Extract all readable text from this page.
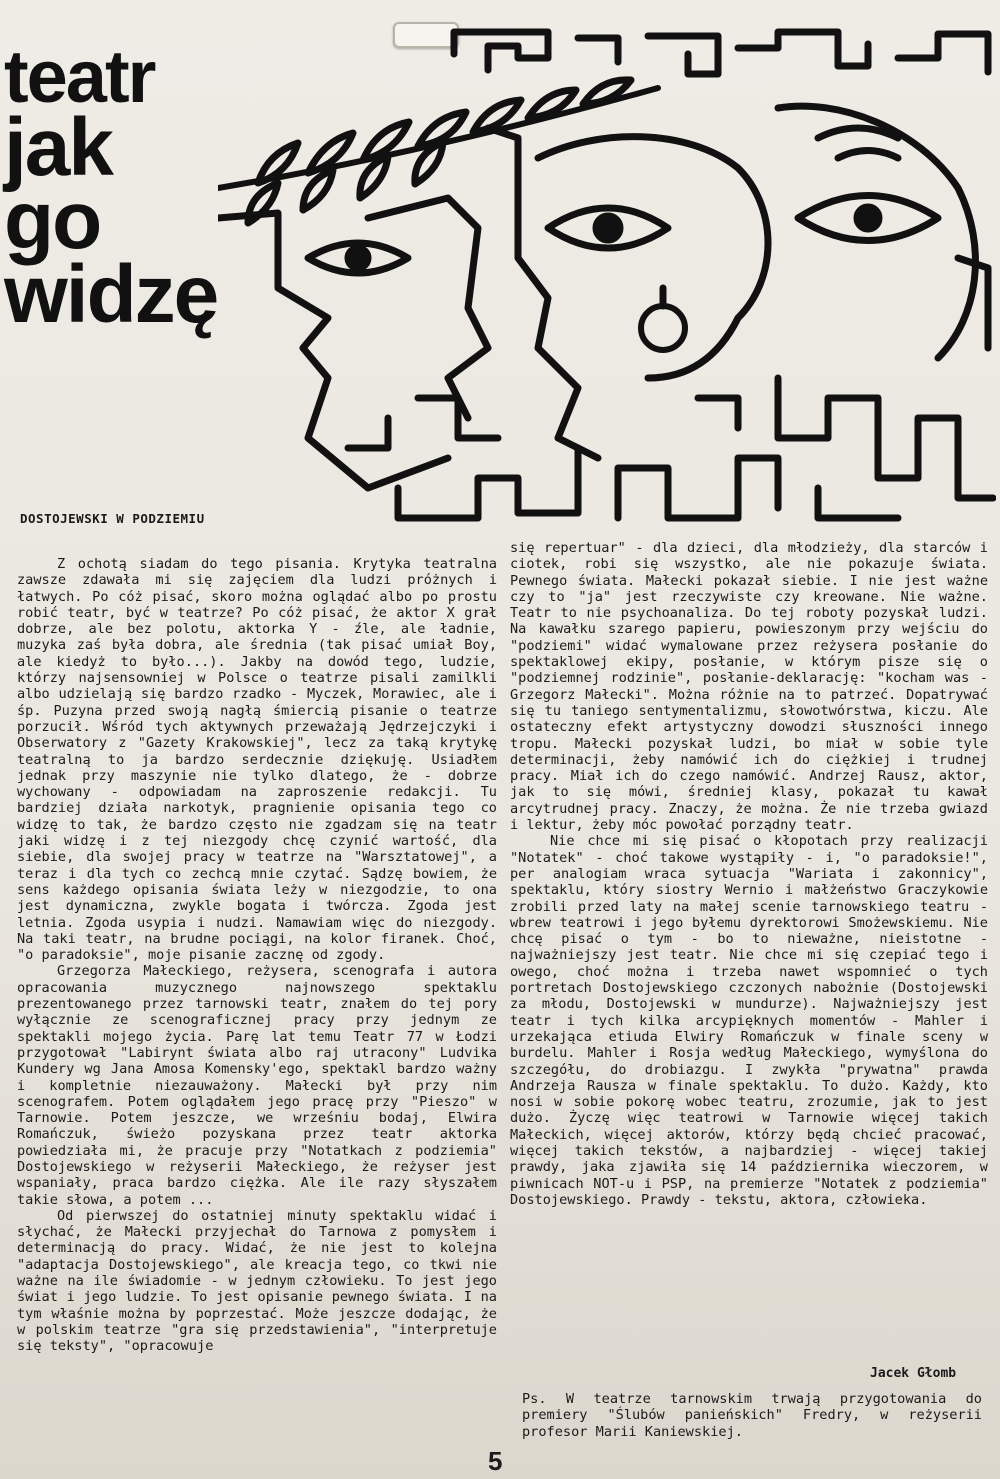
teatr
jak
go
widzę
DOSTOJEWSKI W PODZIEMIU

Z ochotą siadam do tego pisania. Krytyka teatralna zawsze zdawała mi się zajęciem dla ludzi próżnych i łatwych. Po cóż pisać, skoro można oglądać albo po prostu robić teatr, być w teatrze? Po cóż pisać, że aktor X grał dobrze, ale bez polotu, aktorka Y - źle, ale ładnie, muzyka zaś była dobra, ale średnia (tak pisać umiał Boy, ale kiedyż to było...). Jakby na dowód tego, ludzie, którzy najsensowniej w Polsce o teatrze pisali zamilkli albo udzielają się bardzo rzadko - Myczek, Morawiec, ale i śp. Puzyna przed swoją nagłą śmiercią pisanie o teatrze porzucił. Wśród tych aktywnych przeważają Jędrzejczyki i Obserwatory z "Gazety Krakowskiej", lecz za taką krytykę teatralną to ja bardzo serdecznie dziękuję. Usiadłem jednak przy maszynie nie tylko dlatego, że - dobrze wychowany - odpowiadam na zaproszenie redakcji. Tu bardziej działa narkotyk, pragnienie opisania tego co widzę to tak, że bardzo często nie zgadzam się na teatr jaki widzę i z tej niezgody chcę czynić wartość, dla siebie, dla swojej pracy w teatrze na "Warsztatowej", a teraz i dla tych co zechcą mnie czytać. Sądzę bowiem, że sens każdego opisania świata leży w niezgodzie, to ona jest dynamiczna, zwykle bogata i twórcza. Zgoda jest letnia. Zgoda usypia i nudzi. Namawiam więc do niezgody. Na taki teatr, na brudne pociągi, na kolor firanek. Choć, "o paradoksie", moje pisanie zacznę od zgody.

Grzegorza Małeckiego, reżysera, scenografa i autora opracowania muzycznego najnowszego spektaklu prezentowanego przez tarnowski teatr, znałem do tej pory wyłącznie ze scenograficznej pracy przy jednym ze spektakli mojego życia. Parę lat temu Teatr 77 w Łodzi przygotował "Labirynt świata albo raj utracony" Ludvika Kundery wg Jana Amosa Komensky'ego, spektakl bardzo ważny i kompletnie niezauważony. Małecki był przy nim scenografem. Potem oglądałem jego pracę przy "Pieszo" w Tarnowie. Potem jeszcze, we wrześniu bodaj, Elwira Romańczuk, świeżo pozyskana przez teatr aktorka powiedziała mi, że pracuje przy "Notatkach z podziemia" Dostojewskiego w reżyserii Małeckiego, że reżyser jest wspaniały, praca bardzo ciężka. Ale ile razy słyszałem takie słowa, a potem ...

Od pierwszej do ostatniej minuty spektaklu widać i słychać, że Małecki przyjechał do Tarnowa z pomysłem i determinacją do pracy. Widać, że nie jest to kolejna "adaptacja Dostojewskiego", ale kreacja tego, co tkwi nie ważne na ile świadomie - w jednym człowieku. To jest jego świat i jego ludzie. To jest opisanie pewnego świata. I na tym właśnie można by poprzestać. Może jeszcze dodając, że w polskim teatrze "gra się przedstawienia", "interpretuje się teksty", "opracowuje

się repertuar" - dla dzieci, dla młodzieży, dla starców i ciotek, robi się wszystko, ale nie pokazuje świata. Pewnego świata. Małecki pokazał siebie. I nie jest ważne czy to "ja" jest rzeczywiste czy kreowane. Nie ważne. Teatr to nie psychoanaliza. Do tej roboty pozyskał ludzi. Na kawałku szarego papieru, powieszonym przy wejściu do "podziemi" widać wymalowane przez reżysera posłanie do spektaklowej ekipy, posłanie, w którym pisze się o "podziemnej rodzinie", posłanie-deklarację: "kocham was - Grzegorz Małecki". Można różnie na to patrzeć. Dopatrywać się tu taniego sentymentalizmu, słowotwórstwa, kiczu. Ale ostateczny efekt artystyczny dowodzi słuszności innego tropu. Małecki pozyskał ludzi, bo miał w sobie tyle determinacji, żeby namówić ich do ciężkiej i trudnej pracy. Miał ich do czego namówić. Andrzej Rausz, aktor, jak to się mówi, średniej klasy, pokazał tu kawał arcytrudnej pracy. Znaczy, że można. Że nie trzeba gwiazd i lektur, żeby móc powołać porządny teatr.

Nie chce mi się pisać o kłopotach przy realizacji "Notatek" - choć takowe wystąpiły - i, "o paradoksie!", per analogiam wraca sytuacja "Wariata i zakonnicy", spektaklu, który siostry Wernio i małżeństwo Graczykowie zrobili przed laty na małej scenie tarnowskiego teatru - wbrew teatrowi i jego byłemu dyrektorowi Smożewskiemu. Nie chcę pisać o tym - bo to nieważne, nieistotne - najważniejszy jest teatr. Nie chce mi się czepiać tego i owego, choć można i trzeba nawet wspomnieć o tych portretach Dostojewskiego czczonych nabożnie (Dostojewski za młodu, Dostojewski w mundurze). Najważniejszy jest teatr i tych kilka arcypięknych momentów - Mahler i urzekająca etiuda Elwiry Romańczuk w finale sceny w burdelu. Mahler i Rosja według Małeckiego, wymyślona do szczegółu, do drobiazgu. I zwykła "prywatna" prawda Andrzeja Rausza w finale spektaklu. To dużo. Każdy, kto nosi w sobie pokorę wobec teatru, zrozumie, jak to jest dużo. Życzę więc teatrowi w Tarnowie więcej takich Małeckich, więcej aktorów, którzy będą chcieć pracować, więcej takich tekstów, a najbardziej - więcej takiej prawdy, jaka zjawiła się 14 października wieczorem, w piwnicach NOT-u i PSP, na premierze "Notatek z podziemia" Dostojewskiego. Prawdy - tekstu, aktora, człowieka.

Jacek Głomb
Ps. W teatrze tarnowskim trwają przygotowania do premiery "Ślubów panieńskich" Fredry, w reżyserii profesor Marii Kaniewskiej.
5
